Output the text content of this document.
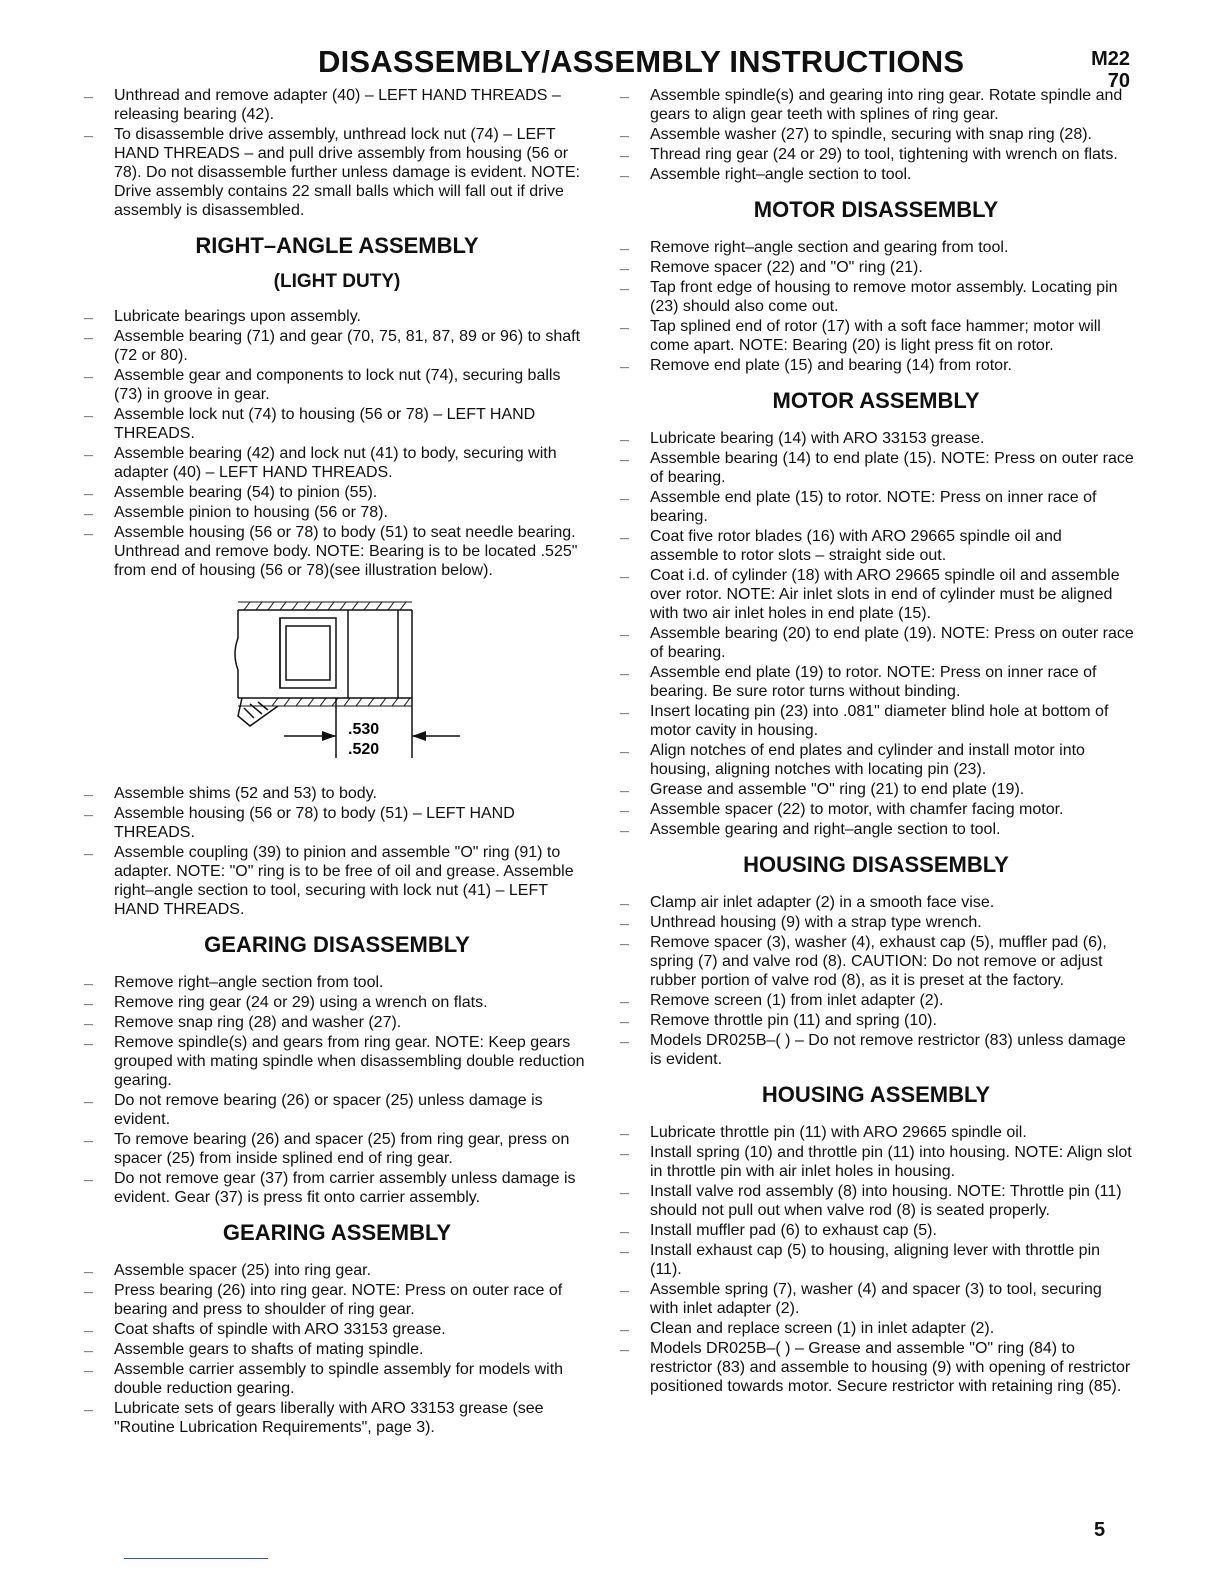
DISASSEMBLY/ASSEMBLY INSTRUCTIONS	M22
70
_ Unthread and remove adapter (40) – LEFT HAND THREADS – releasing bearing (42).
_ To disassemble drive assembly, unthread lock nut (74) – LEFT HAND THREADS – and pull drive assembly from housing (56 or 78). Do not disassemble further unless damage is evident. NOTE: Drive assembly contains 22 small balls which will fall out if drive assembly is disassembled.
RIGHT–ANGLE ASSEMBLY
(LIGHT DUTY)
_ Lubricate bearings upon assembly.
_ Assemble bearing (71) and gear (70, 75, 81, 87, 89 or 96) to shaft (72 or 80).
_ Assemble gear and components to lock nut (74), securing balls (73) in groove in gear.
_ Assemble lock nut (74) to housing (56 or 78) – LEFT HAND THREADS.
_ Assemble bearing (42) and lock nut (41) to body, securing with adapter (40) – LEFT HAND THREADS.
_ Assemble bearing (54) to pinion (55).
_ Assemble pinion to housing (56 or 78).
_ Assemble housing (56 or 78) to body (51) to seat needle bearing. Unthread and remove body. NOTE: Bearing is to be located .525" from end of housing (56 or 78)(see illustration below).
.530
.520
_ Assemble shims (52 and 53) to body.
_ Assemble housing (56 or 78) to body (51) – LEFT HAND THREADS.
_ Assemble coupling (39) to pinion and assemble "O" ring (91) to adapter. NOTE: "O" ring is to be free of oil and grease. Assemble right–angle section to tool, securing with lock nut (41) – LEFT HAND THREADS.
GEARING DISASSEMBLY
_ Remove right–angle section from tool.
_ Remove ring gear (24 or 29) using a wrench on flats.
_ Remove snap ring (28) and washer (27).
_ Remove spindle(s) and gears from ring gear. NOTE: Keep gears grouped with mating spindle when disassembling double reduction gearing.
_ Do not remove bearing (26) or spacer (25) unless damage is evident.
_ To remove bearing (26) and spacer (25) from ring gear, press on spacer (25) from inside splined end of ring gear.
_ Do not remove gear (37) from carrier assembly unless damage is evident. Gear (37) is press fit onto carrier assembly.
GEARING ASSEMBLY
_ Assemble spacer (25) into ring gear.
_ Press bearing (26) into ring gear. NOTE: Press on outer race of bearing and press to shoulder of ring gear.
_ Coat shafts of spindle with ARO 33153 grease.
_ Assemble gears to shafts of mating spindle.
_ Assemble carrier assembly to spindle assembly for models with double reduction gearing.
_ Lubricate sets of gears liberally with ARO 33153 grease (see "Routine Lubrication Requirements", page 3).
_ Assemble spindle(s) and gearing into ring gear. Rotate spindle and gears to align gear teeth with splines of ring gear.
_ Assemble washer (27) to spindle, securing with snap ring (28).
_ Thread ring gear (24 or 29) to tool, tightening with wrench on flats.
_ Assemble right–angle section to tool.
MOTOR DISASSEMBLY
_ Remove right–angle section and gearing from tool.
_ Remove spacer (22) and "O" ring (21).
_ Tap front edge of housing to remove motor assembly. Locating pin (23) should also come out.
_ Tap splined end of rotor (17) with a soft face hammer; motor will come apart. NOTE: Bearing (20) is light press fit on rotor.
_ Remove end plate (15) and bearing (14) from rotor.
MOTOR ASSEMBLY
_ Lubricate bearing (14) with ARO 33153 grease.
_ Assemble bearing (14) to end plate (15). NOTE: Press on outer race of bearing.
_ Assemble end plate (15) to rotor. NOTE: Press on inner race of bearing.
_ Coat five rotor blades (16) with ARO 29665 spindle oil and assemble to rotor slots – straight side out.
_ Coat i.d. of cylinder (18) with ARO 29665 spindle oil and assemble over rotor. NOTE: Air inlet slots in end of cylinder must be aligned with two air inlet holes in end plate (15).
_ Assemble bearing (20) to end plate (19). NOTE: Press on outer race of bearing.
_ Assemble end plate (19) to rotor. NOTE: Press on inner race of bearing. Be sure rotor turns without binding.
_ Insert locating pin (23) into .081" diameter blind hole at bottom of motor cavity in housing.
_ Align notches of end plates and cylinder and install motor into housing, aligning notches with locating pin (23).
_ Grease and assemble "O" ring (21) to end plate (19).
_ Assemble spacer (22) to motor, with chamfer facing motor.
_ Assemble gearing and right–angle section to tool.
HOUSING DISASSEMBLY
_ Clamp air inlet adapter (2) in a smooth face vise.
_ Unthread housing (9) with a strap type wrench.
_ Remove spacer (3), washer (4), exhaust cap (5), muffler pad (6), spring (7) and valve rod (8). CAUTION: Do not remove or adjust rubber portion of valve rod (8), as it is preset at the factory.
_ Remove screen (1) from inlet adapter (2).
_ Remove throttle pin (11) and spring (10).
_ Models DR025B–( ) – Do not remove restrictor (83) unless damage is evident.
HOUSING ASSEMBLY
_ Lubricate throttle pin (11) with ARO 29665 spindle oil.
_ Install spring (10) and throttle pin (11) into housing. NOTE: Align slot in throttle pin with air inlet holes in housing.
_ Install valve rod assembly (8) into housing. NOTE: Throttle pin (11) should not pull out when valve rod (8) is seated properly.
_ Install muffler pad (6) to exhaust cap (5).
_ Install exhaust cap (5) to housing, aligning lever with throttle pin (11).
_ Assemble spring (7), washer (4) and spacer (3) to tool, securing with inlet adapter (2).
_ Clean and replace screen (1) in inlet adapter (2).
_ Models DR025B–( ) – Grease and assemble "O" ring (84) to restrictor (83) and assemble to housing (9) with opening of restrictor positioned towards motor. Secure restrictor with retaining ring (85).
5
